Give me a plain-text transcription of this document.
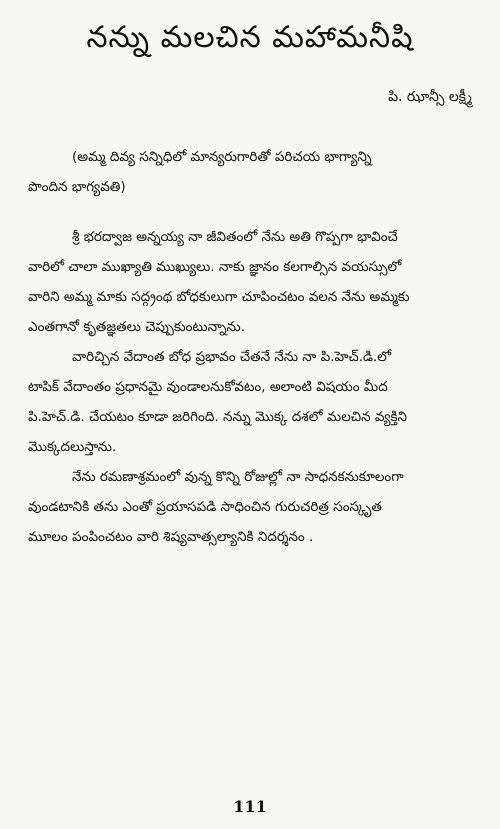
నన్ను మలచిన మహామనీషి
పి. ఝాన్సీ లక్ష్మీ
(అమ్మ దివ్య సన్నిధిలో మాన్యరుగారితో పరిచయ భాగ్యాన్ని
పొందిన భాగ్యవతి)

శ్రీ భరద్వాజ అన్నయ్య నా జీవితంలో నేను అతి గొప్పగా భావించే
వారిలో చాలా ముఖ్యాతి ముఖ్యులు. నాకు జ్ఞానం కలగాల్సిన వయస్సులో
వారిని అమ్మ మాకు సద్గ్రంథ బోధకులుగా చూపించటం వలన నేను అమ్మకు
ఎంతగానో కృతజ్ఞతలు చెప్పుకుంటున్నాను.

వారిచ్చిన వేదాంత బోధ ప్రభావం చేతనే నేను నా పి.హెచ్.డి.లో
టాపిక్ వేదాంతం ప్రధానమై వుండాలనుకోవటం, అలాంటి విషయం మీద
పి.హెచ్.డి. చేయటం కూడా జరిగింది. నన్ను మొక్క దశలో మలచిన వ్యక్తిని
మొక్కదలుస్తాను.

నేను రమణాశ్రమంలో వున్న కొన్ని రోజుల్లో నా సాధనకనుకూలంగా
వుండటానికి తను ఎంతో ప్రయాసపడి సాధించిన గురుచరిత్ర సంస్కృత
మూలం పంపించటం వారి శిష్యవాత్సల్యానికి నిదర్శనం .

111
